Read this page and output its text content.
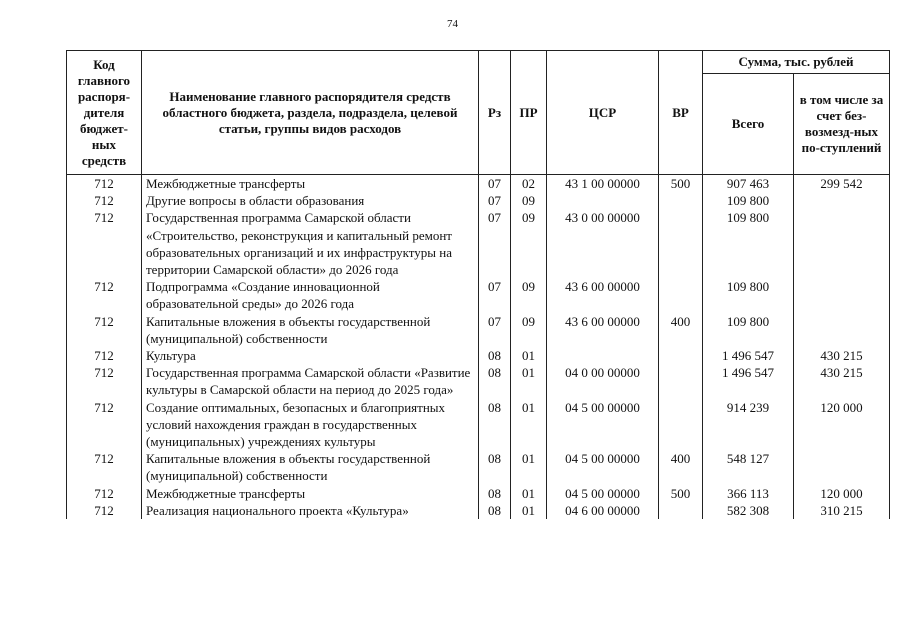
74
Код главного распоря-дителя бюджет-ных средств	Наименование главного распорядителя средств областного бюджета, раздела, подраздела, целевой статьи, группы видов расходов	Рз	ПР	ЦСР	ВР	Сумма, тыс. рублей	
						Всего	в том числе за счет без-возмезд-ных по-ступлений
712	Межбюджетные трансферты	07	02	43 1 00 00000	500	907 463	299 542
712	Другие вопросы в области образования	07	09			109 800	
712	Государственная программа Самарской области «Строительство, реконструкция и капитальный ремонт образовательных организаций и их инфраструктуры на территории Самарской области» до 2026 года	07	09	43 0 00 00000		109 800	
712	Подпрограмма «Создание инновационной образовательной среды» до 2026 года	07	09	43 6 00 00000		109 800	
712	Капитальные вложения в объекты государственной (муниципальной) собственности	07	09	43 6 00 00000	400	109 800	
712	Культура	08	01			1 496 547	430 215
712	Государственная программа Самарской области «Развитие культуры в Самарской области на период до 2025 года»	08	01	04 0 00 00000		1 496 547	430 215
712	Создание оптимальных, безопасных и благоприятных условий нахождения граждан в государственных (муниципальных) учреждениях культуры	08	01	04 5 00 00000		914 239	120 000
712	Капитальные вложения в объекты государственной (муниципальной) собственности	08	01	04 5 00 00000	400	548 127	
712	Межбюджетные трансферты	08	01	04 5 00 00000	500	366 113	120 000
712	Реализация национального проекта «Культура»	08	01	04 6 00 00000		582 308	310 215
